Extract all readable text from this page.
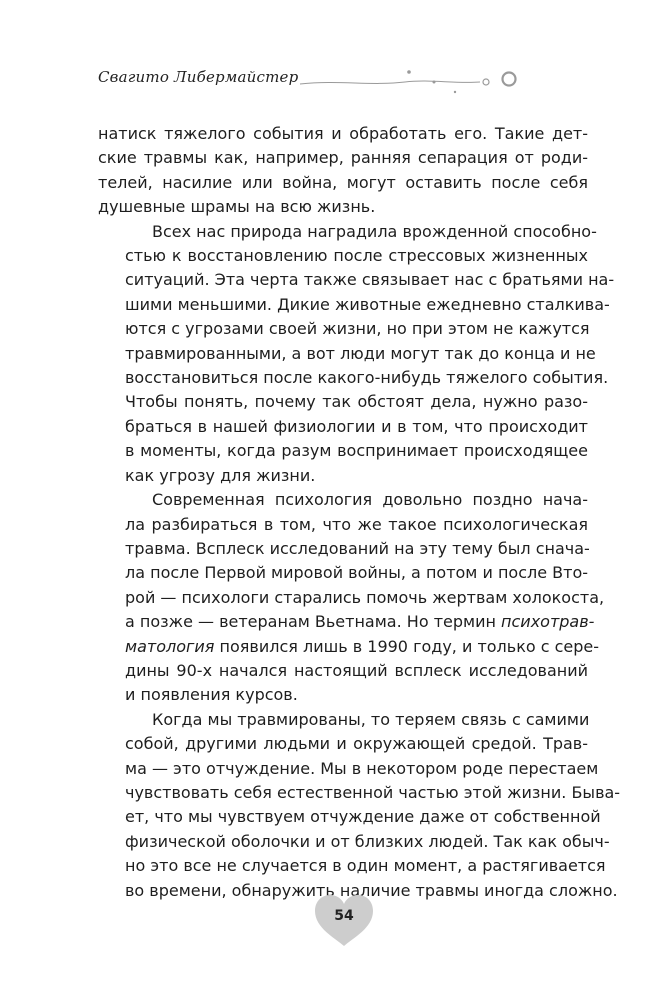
Свагито Либермайстер

натиск тяжелого события и обработать его. Такие дет-
ские травмы как, например, ранняя сепарация от роди-
телей, насилие или война, могут оставить после себя
душевные шрамы на всю жизнь.

Всех нас природа наградила врожденной способно-
стью к восстановлению после стрессовых жизненных
ситуаций. Эта черта также связывает нас с братьями на-
шими меньшими. Дикие животные ежедневно сталкива-
ются с угрозами своей жизни, но при этом не кажутся
травмированными, а вот люди могут так до конца и не
восстановиться после какого-нибудь тяжелого события.
Чтобы понять, почему так обстоят дела, нужно разо-
браться в нашей физиологии и в том, что происходит
в моменты, когда разум воспринимает происходящее
как угрозу для жизни.

Современная психология довольно поздно нача-
ла разбираться в том, что же такое психологическая
травма. Всплеск исследований на эту тему был снача-
ла после Первой мировой войны, а потом и после Вто-
рой — психологи старались помочь жертвам холокоста,
а позже — ветеранам Вьетнама. Но термин психотрав-
матология появился лишь в 1990 году, и только с сере-
дины 90-х начался настоящий всплеск исследований
и появления курсов.

Когда мы травмированы, то теряем связь с самими
собой, другими людьми и окружающей средой. Трав-
ма — это отчуждение. Мы в некотором роде перестаем
чувствовать себя естественной частью этой жизни. Быва-
ет, что мы чувствуем отчуждение даже от собственной
физической оболочки и от близких людей. Так как обыч-
но это все не случается в один момент, а растягивается
во времени, обнаружить наличие травмы иногда сложно.

54
